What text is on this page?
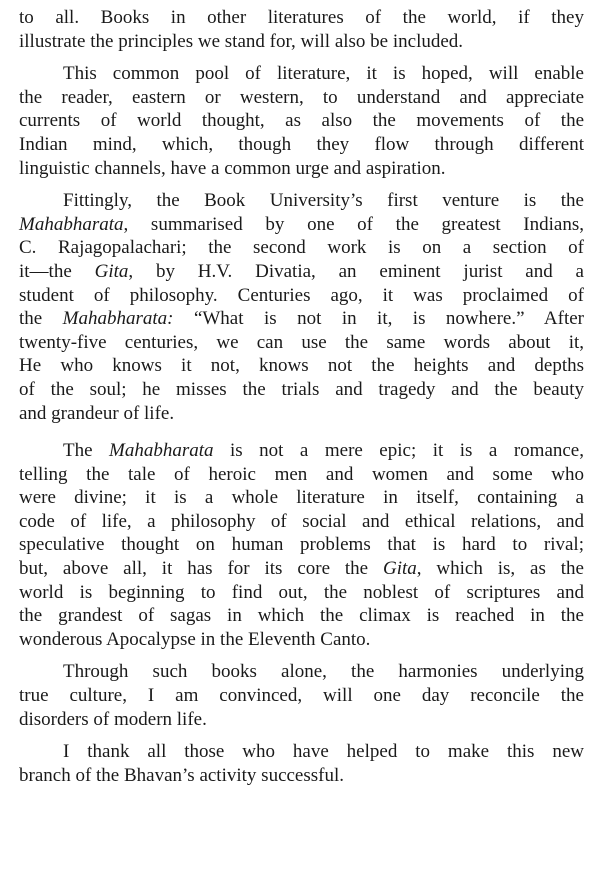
to all. Books in other literatures of the world, if they
illustrate the principles we stand for, will also be included.

This common pool of literature, it is hoped, will enable
the reader, eastern or western, to understand and appreciate
currents of world thought, as also the movements of the
Indian mind, which, though they flow through different
linguistic channels, have a common urge and aspiration.

Fittingly, the Book University’s first venture is the
Mahabharata, summarised by one of the greatest Indians,
C. Rajagopalachari; the second work is on a section of
it—the Gita, by H.V. Divatia, an eminent jurist and a
student of philosophy. Centuries ago, it was proclaimed of
the Mahabharata: “What is not in it, is nowhere.” After
twenty-five centuries, we can use the same words about it,
He who knows it not, knows not the heights and depths
of the soul; he misses the trials and tragedy and the beauty
and grandeur of life.

The Mahabharata is not a mere epic; it is a romance,
telling the tale of heroic men and women and some who
were divine; it is a whole literature in itself, containing a
code of life, a philosophy of social and ethical relations, and
speculative thought on human problems that is hard to rival;
but, above all, it has for its core the Gita, which is, as the
world is beginning to find out, the noblest of scriptures and
the grandest of sagas in which the climax is reached in the
wonderous Apocalypse in the Eleventh Canto.

Through such books alone, the harmonies underlying
true culture, I am convinced, will one day reconcile the
disorders of modern life.

I thank all those who have helped to make this new
branch of the Bhavan’s activity successful.
